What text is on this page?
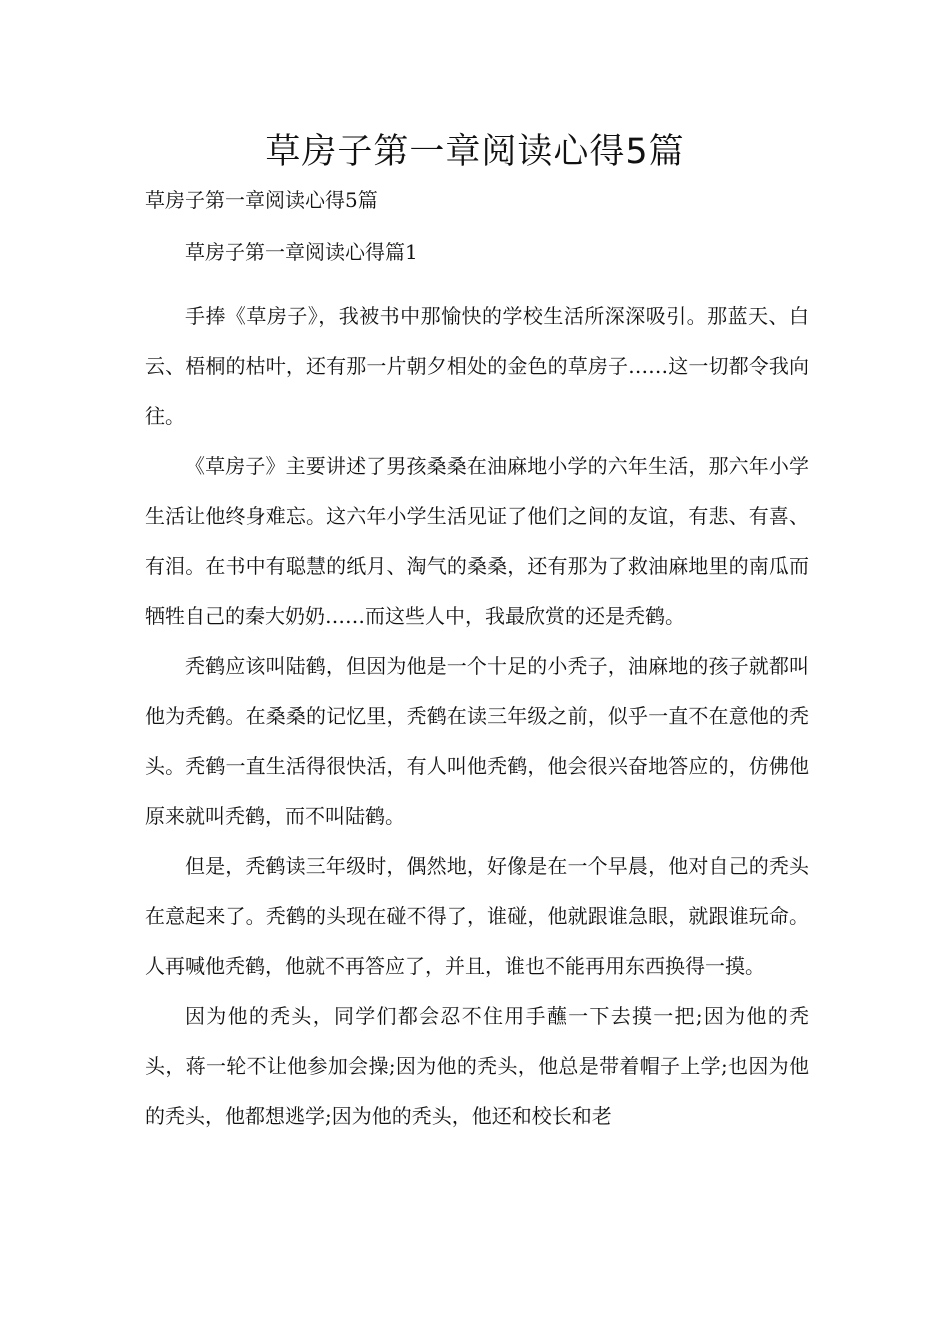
草房子第一章阅读心得5篇

草房子第一章阅读心得5篇

草房子第一章阅读心得篇1

手捧《草房子》，我被书中那愉快的学校生活所深深吸引。那蓝天、白云、梧桐的枯叶，还有那一片朝夕相处的金色的草房子……这一切都令我向往。

《草房子》主要讲述了男孩桑桑在油麻地小学的六年生活，那六年小学生活让他终身难忘。这六年小学生活见证了他们之间的友谊，有悲、有喜、有泪。在书中有聪慧的纸月、淘气的桑桑，还有那为了救油麻地里的南瓜而牺牲自己的秦大奶奶……而这些人中，我最欣赏的还是秃鹤。

秃鹤应该叫陆鹤，但因为他是一个十足的小秃子，油麻地的孩子就都叫他为秃鹤。在桑桑的记忆里，秃鹤在读三年级之前，似乎一直不在意他的秃头。秃鹤一直生活得很快活，有人叫他秃鹤，他会很兴奋地答应的，仿佛他原来就叫秃鹤，而不叫陆鹤。

但是，秃鹤读三年级时，偶然地，好像是在一个早晨，他对自己的秃头在意起来了。秃鹤的头现在碰不得了，谁碰，他就跟谁急眼，就跟谁玩命。人再喊他秃鹤，他就不再答应了，并且，谁也不能再用东西换得一摸。

因为他的秃头，同学们都会忍不住用手蘸一下去摸一把;因为他的秃头，蒋一轮不让他参加会操;因为他的秃头，他总是带着帽子上学;也因为他的秃头，他都想逃学;因为他的秃头，他还和校长和老
